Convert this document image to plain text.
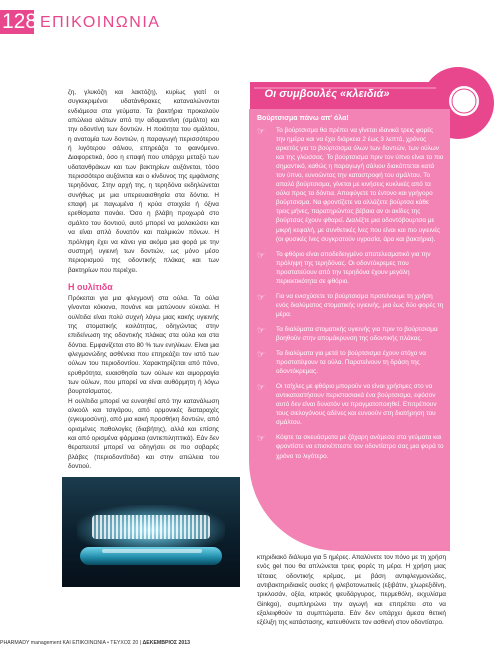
128 ΕΠΙΚΟΙΝΩΝΙΑ

ζη, γλυκόζη και λακτόζη), κυρίως γιατί οι συγκεκριμένοι υδατάνθρακες καταναλώνονται ενδιάμεσα στα γεύματα. Τα βακτήρια προκαλούν απώλεια αλάτων από την αδαμαντίνη (σμάλτο) και την οδοντίνη των δοντιών. Η ποιότητα του σμάλτου, η ανατομία των δοντιών, η παραγωγή περισσότερου ή λιγότερου σάλιου, επηρεάζει το φαινόμενο. Διαφορετικά, όσο η επαφή που υπάρχει μεταξύ των υδατανθράκων και των βακτηρίων αυξάνεται, τόσο περισσότερο αυξάνεται και ο κίνδυνος της εμφάνισης τερηδόνας. Στην αρχή της, η τερηδόνα εκδηλώνεται συνήθως με μια υπερευαισθησία στα δόντια. Η επαφή με παγωμένα ή κρύα στοιχεία ή όξινα ερεθίσματα πονάει. Όσο η βλάβη προχωρά στο σμάλτο του δοντιού, αυτό μπορεί να μαλακώσει και να είναι απλό δυνατόν και παλμικών πόνων. Η πρόληψη έχει να κάνει για ακόμα μια φορά με την συστηρή υγιεινή των δοντιών, ως μόνο μέσο περιορισμού της οδοντικής πλάκας και των βακτηρίων που περιέχει.

Η ουλίτιδα

Πρόκειται για μια φλεγμονή στα ούλα. Τα ούλα γίνονται κόκκινα, πονάνε και ματώνουν εύκολα. Η ουλίτιδα είναι πολύ συχνή λόγω μιας κακής υγιεινής της στοματικής κοιλότητας, οδηγώντας στην επιδείνωση της οδοντικής πλάκας στα ούλα και στα δόντια. Εμφανίζεται στο 80 % των ενηλίκων. Είναι μια φλεγμονώδης ασθένεια που επηρεάζει τον ιστό των ούλων του περιοδοντίου. Χαρακτηρίζεται από πόνο, ερυθρότητα, ευαισθησία των ούλων και αιμορραγία των ούλων, που μπορεί να είναι αυθόρμητη ή λόγω βουρτσίσματος.

Η ουλίτιδα μπορεί να ευνοηθεί από την κατανάλωση αλκοόλ και τσιγάρου, από ορμονικές διαταραχές (εγκυμοσύνη), από μια κακή προσθήκη δοντιών, από ορισμένες παθολογίες (διαβήτης), αλλά και επίσης και από ορισμένα φάρμακα (αντιεπιληπτικά). Εάν δεν θεραπευτεί μπορεί να οδηγήσει σε πιο σοβαρές βλάβες (περιοδοντίτιδα) και στην απώλεια του δοντιού.

Οι συμβουλές «κλειδιά»

Βούρτσισμα πάνω απ' όλα!

☞ Το βούρτσισμα θα πρέπει να γίνεται ιδανικά τρεις φορές την ημέρα και να έχει διάρκεια 2 έως 3 λεπτά, χρόνος αρκετός για το βούρτσισμα όλων των δοντιών, των ούλων και της γλώσσας. Το βούρτσισμα πριν τον ύπνο είναι το πιο σημαντικό, καθώς η παραγωγή σάλιου διακόπτεται κατά τον ύπνο, ευνοώντας την καταστροφή του σμάλτου. Το απαλό βούρτσισμα, γίνεται με κινήσεις κυκλικές από τα ούλα προς τα δόντια. Αποφύγετε το έντονο και γρήγορο βούρτσισμα. Να φροντίζετε να αλλάζετε βούρτσα κάθε τρεις μήνες, παρατηρώντας βέβαια αν οι ακίδες της βούρτσας έχουν φθαρεί. Διαλέξτε μια οδοντόβουρτσα με μικρή κεφαλή, με συνθετικές ίνες που είναι και πιο υγιεινές (οι φυσικές ίνες συγκρατούν υγρασία, άρα και βακτήρια).
☞ Το φθόριο είναι αποδεδειγμένο αποτελεσματικό για την πρόληψη της τερηδόνας. Οι οδοντόκρεμες που προστατεύουν από την τερηδόνα έχουν μεγάλη περιεκτικότητα σε φθόριο.
☞ Για να ενισχύσετε το βούρτσισμα προτείνουμε τη χρήση ενός διαλύματος στοματικής υγιεινής, μια έως δύο φορές τη μέρα.
☞ Τα διαλύματα στοματικής υγιεινής για πριν το βούρτσισμα βοηθούν στην απομάκρυνση της οδοντικής πλάκας.
☞ Τα διαλύματα για μετά το βούρτσισμα έχουν στόχο να προστατέψουν τα ούλα. Παρατείνουν τη δράση της οδοντόκρεμας.
☞ Οι τσίχλες με φθόριο μπορούν να είναι χρήσιμες στο να αντικαταστήσουν περιστασιακά ένα βούρτσισμα, εφόσον αυτό δεν είναι δυνατόν να πραγματοποιηθεί. Επιτρέπουν τους σιελογόνους αδένες και ευνοούν στη διατήρηση του σμάλτου.
☞ Κόψτε τα σκευάσματα με ζάχαρη ανάμεσα στα γεύματα και φροντίστε να επισκέπτεστε τον οδοντίατρο σας μια φορά το χρόνο το λιγότερο.

κτηριδιακό διάλυμα για 5 ημέρες. Απαλύνετε τον πόνο με τη χρήση ενός gel που θα απλώνεται τρεις φορές τη μέρα. Η χρήση μιας τέτοιας οδοντικής κρέμας, με βάση αντιφλεγμονώδες, αντιβακτηριδιακές ουσίες ή φλεβοτονωτικές (εξιβάτιν, χλωρεξιδίνη, τρικλοσάν, οξέα, κιτρικός ψευδάργυρος, περμεθόλη, εκχυλίσμα Ginkgo), συμπληρώνει την αγωγή και επιτρέπει στο να εξαλειφθούν τα συμπτώματα. Εάν δεν υπάρχει άμεσα θετική εξέλιξη της κατάστασης, κατευθύνετε τον ασθενή στον οδοντίατρο.

PHARMADY management ΚΑΙ ΕΠΙΚΟΙΝΩΝΙΑ • ΤΕΥΧΟΣ 20 | ΔΕΚΕΜΒΡΙΟΣ 2013
